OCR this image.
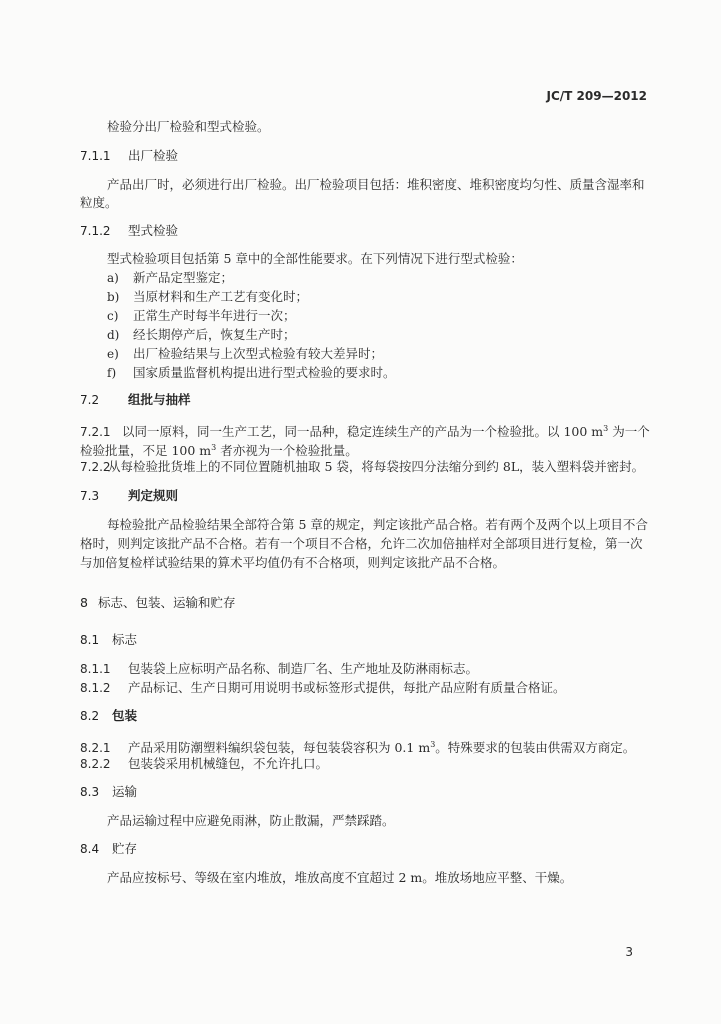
JC/T 209—2012
检验分出厂检验和型式检验。
7.1.1 出厂检验
产品出厂时，必须进行出厂检验。出厂检验项目包括：堆积密度、堆积密度均匀性、质量含湿率和
粒度。
7.1.2 型式检验
型式检验项目包括第 5 章中的全部性能要求。在下列情况下进行型式检验：
a) 新产品定型鉴定；
b) 当原材料和生产工艺有变化时；
c) 正常生产时每半年进行一次；
d) 经长期停产后，恢复生产时；
e) 出厂检验结果与上次型式检验有较大差异时；
f) 国家质量监督机构提出进行型式检验的要求时。
7.2 组批与抽样
7.2.1 以同一原料，同一生产工艺，同一品种，稳定连续生产的产品为一个检验批。以 100 $m^3$ 为一个
检验批量，不足 100 $m^3$ 者亦视为一个检验批量。
7.2.2从每检验批货堆上的不同位置随机抽取 5 袋，将每袋按四分法缩分到约 8L，装入塑料袋并密封。
7.3 判定规则
每检验批产品检验结果全部符合第 5 章的规定，判定该批产品合格。若有两个及两个以上项目不合
格时，则判定该批产品不合格。若有一个项目不合格，允许二次加倍抽样对全部项目进行复检，第一次
与加倍复检样试验结果的算术平均值仍有不合格项，则判定该批产品不合格。
8 标志、包装、运输和贮存
8.1 标志
8.1.1 包装袋上应标明产品名称、制造厂名、生产地址及防淋雨标志。
8.1.2 产品标记、生产日期可用说明书或标签形式提供，每批产品应附有质量合格证。
8.2 包装
8.2.1 产品采用防潮塑料编织袋包装，每包装袋容积为 0.1 $m^3$。特殊要求的包装由供需双方商定。
8.2.2 包装袋采用机械缝包，不允许扎口。
8.3 运输
产品运输过程中应避免雨淋，防止散漏，严禁踩踏。
8.4 贮存
产品应按标号、等级在室内堆放，堆放高度不宜超过 2 m。堆放场地应平整、干燥。
3
